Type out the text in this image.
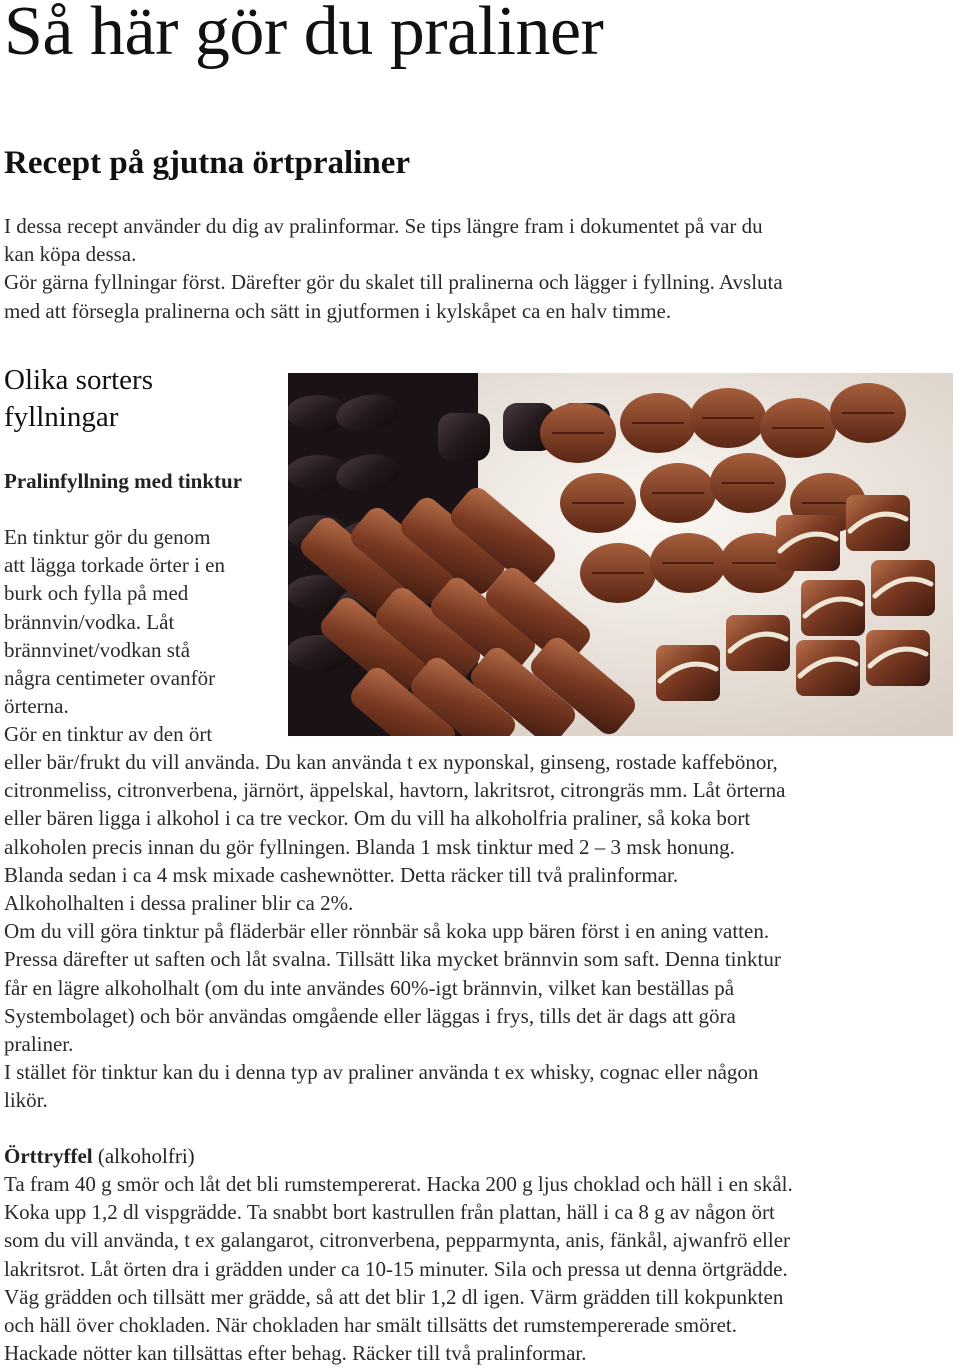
Så här gör du praliner
Recept på gjutna örtpraliner

I dessa recept använder du dig av pralinformar. Se tips längre fram i dokumentet på var du
kan köpa dessa.
Gör gärna fyllningar först. Därefter gör du skalet till pralinerna och lägger i fyllning. Avsluta
med att försegla pralinerna och sätt in gjutformen i kylskåpet ca en halv timme.

Olika sorters fyllningar

Pralinfyllning med tinktur

En tinktur gör du genom
att lägga torkade örter i en
burk och fylla på med
brännvin/vodka. Låt
brännvinet/vodkan stå
några centimeter ovanför
örterna.
Gör en tinktur av den ört

eller bär/frukt du vill använda. Du kan använda t ex nyponskal, ginseng, rostade kaffebönor,
citronmeliss, citronverbena, järnört, äppelskal, havtorn, lakritsrot, citrongräs mm. Låt örterna
eller bären ligga i alkohol i ca tre veckor. Om du vill ha alkoholfria praliner, så koka bort
alkoholen precis innan du gör fyllningen. Blanda 1 msk tinktur med 2 – 3 msk honung.
Blanda sedan i ca 4 msk mixade cashewnötter. Detta räcker till två pralinformar.
Alkoholhalten i dessa praliner blir ca 2%.
Om du vill göra tinktur på fläderbär eller rönnbär så koka upp bären först i en aning vatten.
Pressa därefter ut saften och låt svalna. Tillsätt lika mycket brännvin som saft. Denna tinktur
får en lägre alkoholhalt (om du inte användes 60%-igt brännvin, vilket kan beställas på
Systembolaget) och bör användas omgående eller läggas i frys, tills det är dags att göra
praliner.
I stället för tinktur kan du i denna typ av praliner använda t ex whisky, cognac eller någon
likör.

Örttryffel (alkoholfri)

Ta fram 40 g smör och låt det bli rumstempererat. Hacka 200 g ljus choklad och häll i en skål.
Koka upp 1,2 dl vispgrädde. Ta snabbt bort kastrullen från plattan, häll i ca 8 g av någon ört
som du vill använda, t ex galangarot, citronverbena, pepparmynta, anis, fänkål, ajwanfrö eller
lakritsrot. Låt örten dra i grädden under ca 10-15 minuter. Sila och pressa ut denna örtgrädde.
Väg grädden och tillsätt mer grädde, så att det blir 1,2 dl igen. Värm grädden till kokpunkten
och häll över chokladen. När chokladen har smält tillsätts det rumstempererade smöret.
Hackade nötter kan tillsättas efter behag. Räcker till två pralinformar.
